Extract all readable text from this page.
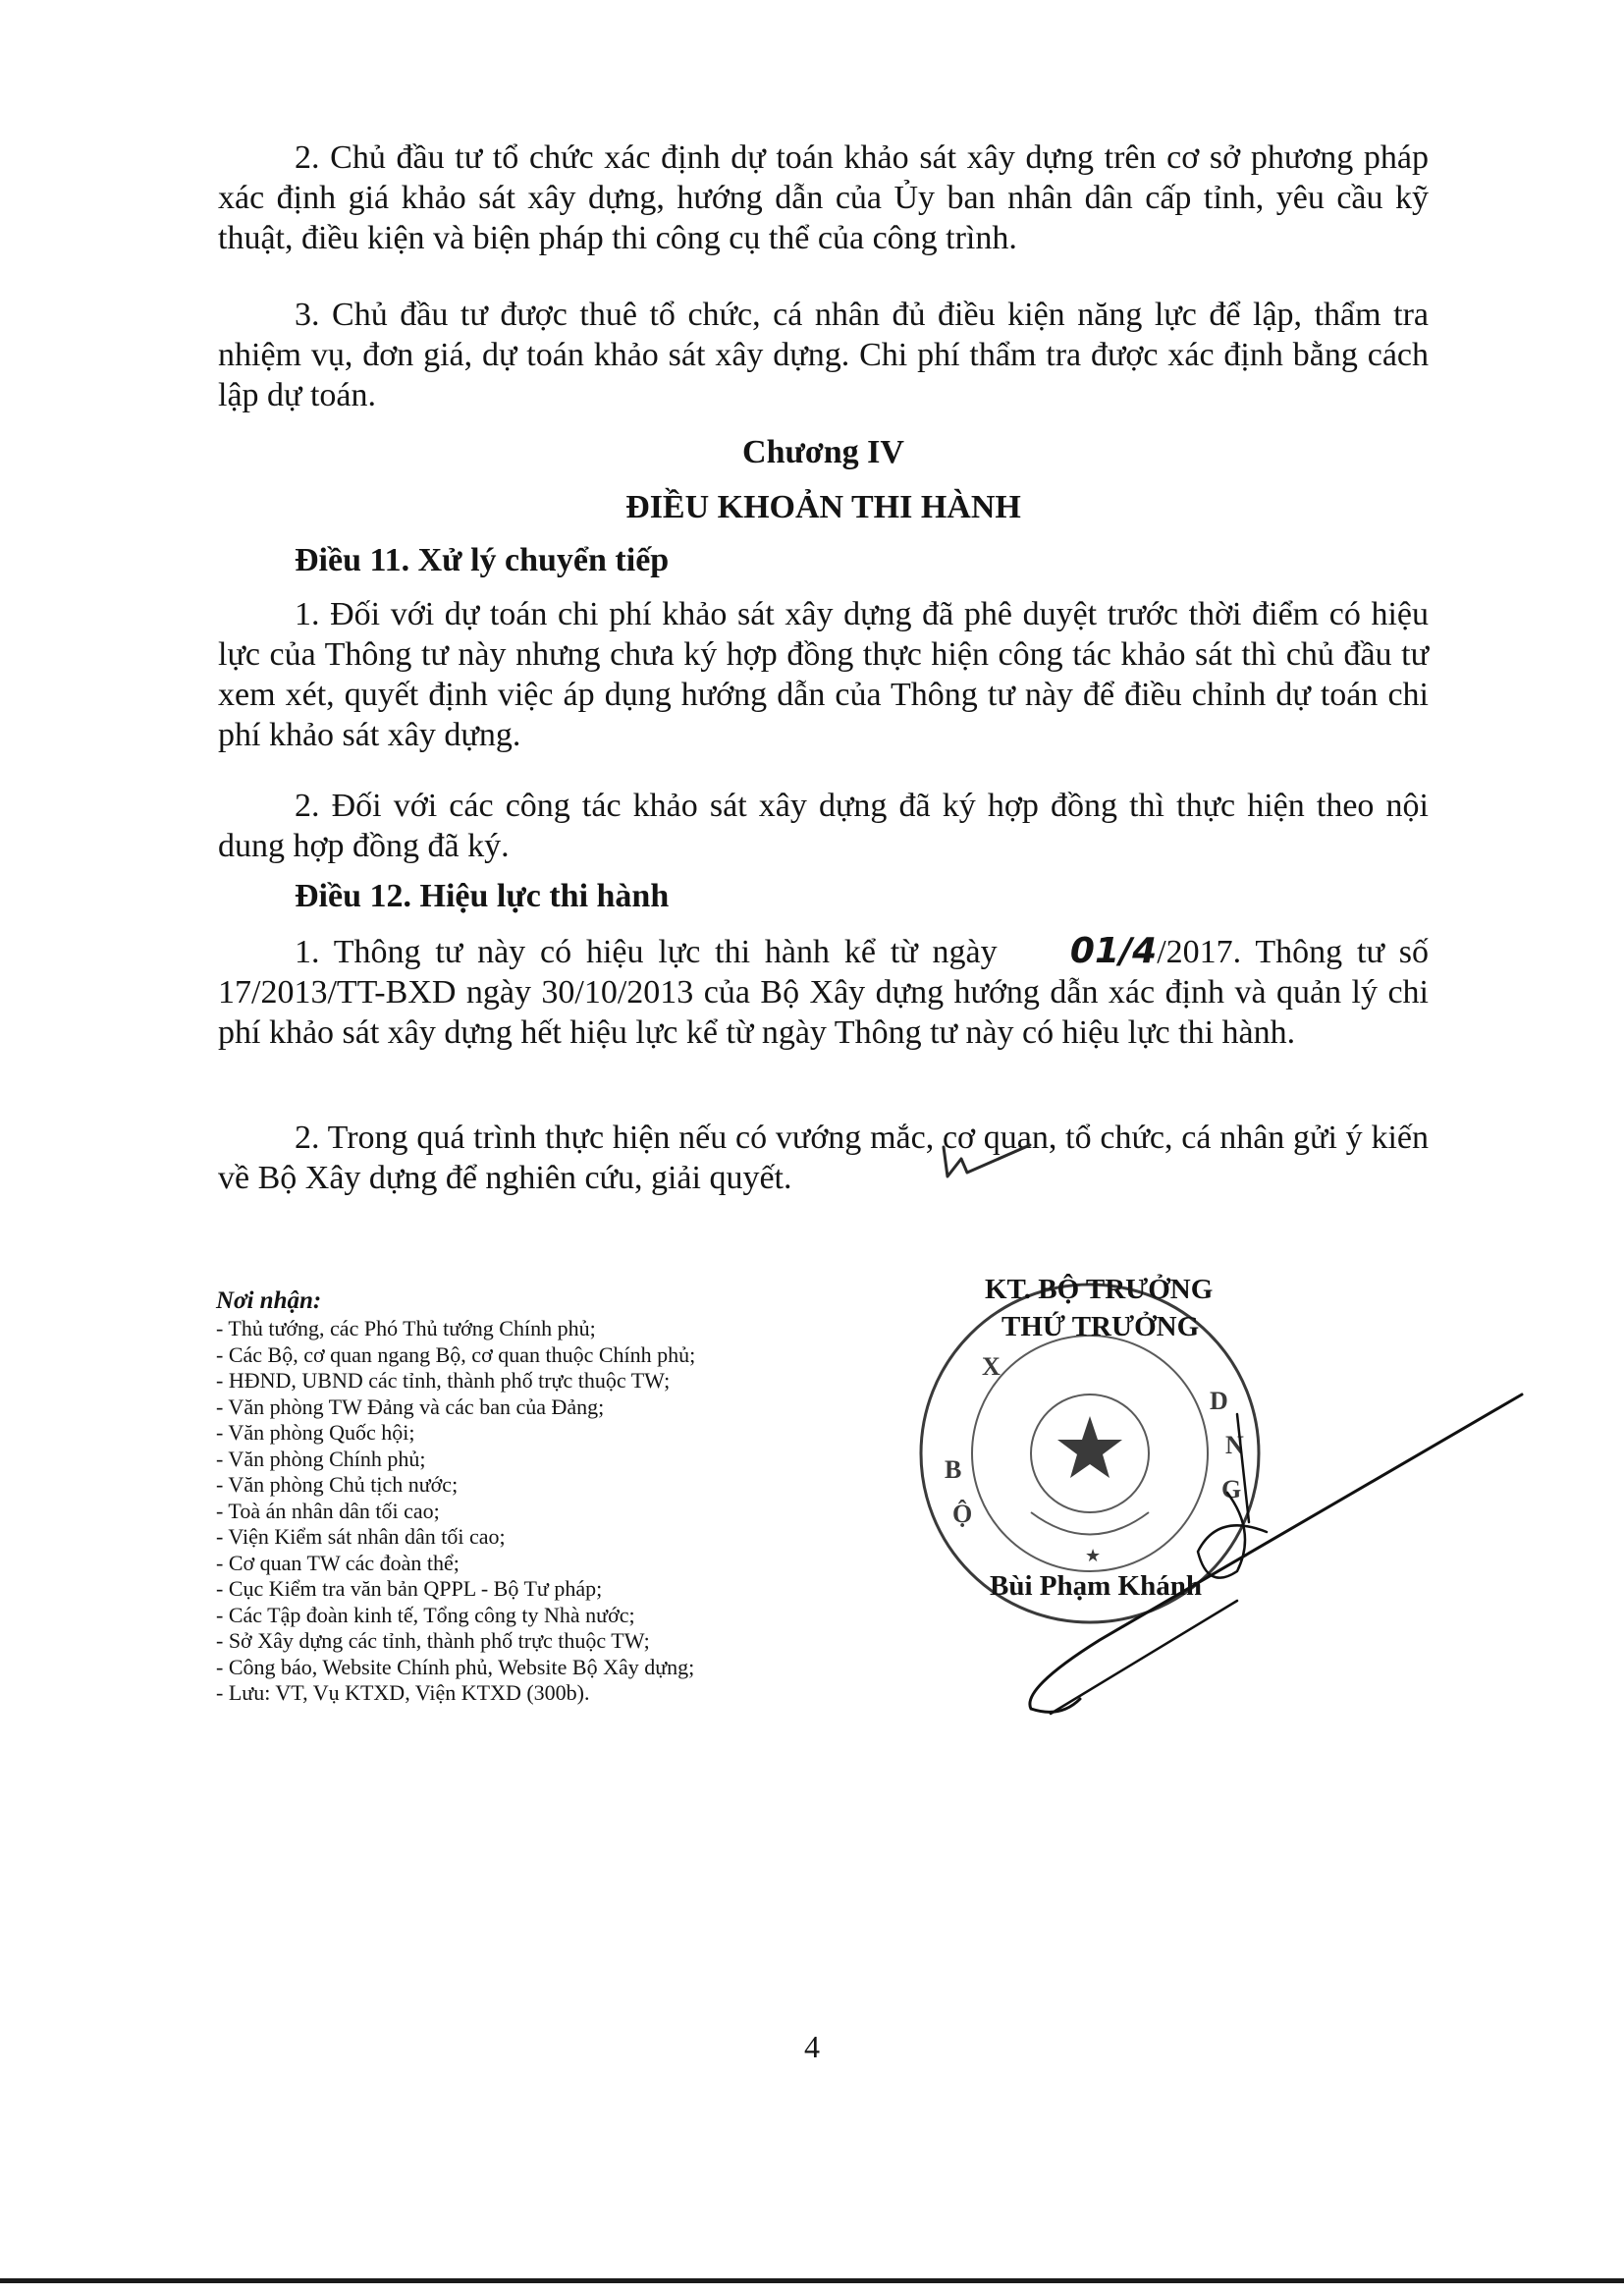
2. Chủ đầu tư tổ chức xác định dự toán khảo sát xây dựng trên cơ sở phương pháp xác định giá khảo sát xây dựng, hướng dẫn của Ủy ban nhân dân cấp tỉnh, yêu cầu kỹ thuật, điều kiện và biện pháp thi công cụ thể của công trình.

3. Chủ đầu tư được thuê tổ chức, cá nhân đủ điều kiện năng lực để lập, thẩm tra nhiệm vụ, đơn giá, dự toán khảo sát xây dựng. Chi phí thẩm tra được xác định bằng cách lập dự toán.

Chương IV
ĐIỀU KHOẢN THI HÀNH
Điều 11. Xử lý chuyển tiếp

1. Đối với dự toán chi phí khảo sát xây dựng đã phê duyệt trước thời điểm có hiệu lực của Thông tư này nhưng chưa ký hợp đồng thực hiện công tác khảo sát thì chủ đầu tư xem xét, quyết định việc áp dụng hướng dẫn của Thông tư này để điều chỉnh dự toán chi phí khảo sát xây dựng.

2. Đối với các công tác khảo sát xây dựng đã ký hợp đồng thì thực hiện theo nội dung hợp đồng đã ký.

Điều 12. Hiệu lực thi hành

1. Thông tư này có hiệu lực thi hành kể từ ngày 01/4/2017. Thông tư số 17/2013/TT-BXD ngày 30/10/2013 của Bộ Xây dựng hướng dẫn xác định và quản lý chi phí khảo sát xây dựng hết hiệu lực kể từ ngày Thông tư này có hiệu lực thi hành.

2. Trong quá trình thực hiện nếu có vướng mắc, cơ quan, tổ chức, cá nhân gửi ý kiến về Bộ Xây dựng để nghiên cứu, giải quyết.

Nơi nhận:
- Thủ tướng, các Phó Thủ tướng Chính phủ;
- Các Bộ, cơ quan ngang Bộ, cơ quan thuộc Chính phủ;
- HĐND, UBND các tỉnh, thành phố trực thuộc TW;
- Văn phòng TW Đảng và các ban của Đảng;
- Văn phòng Quốc hội;
- Văn phòng Chính phủ;
- Văn phòng Chủ tịch nước;
- Toà án nhân dân tối cao;
- Viện Kiểm sát nhân dân tối cao;
- Cơ quan TW các đoàn thể;
- Cục Kiểm tra văn bản QPPL - Bộ Tư pháp;
- Các Tập đoàn kinh tế, Tổng công ty Nhà nước;
- Sở Xây dựng các tỉnh, thành phố trực thuộc TW;
- Công báo, Website Chính phủ, Website Bộ Xây dựng;
- Lưu: VT, Vụ KTXD, Viện KTXD (300b).
B
Ộ
X
D
N
G
★
KT. BỘ TRƯỞNG
THỨ TRƯỞNG
Bùi Phạm Khánh
4
